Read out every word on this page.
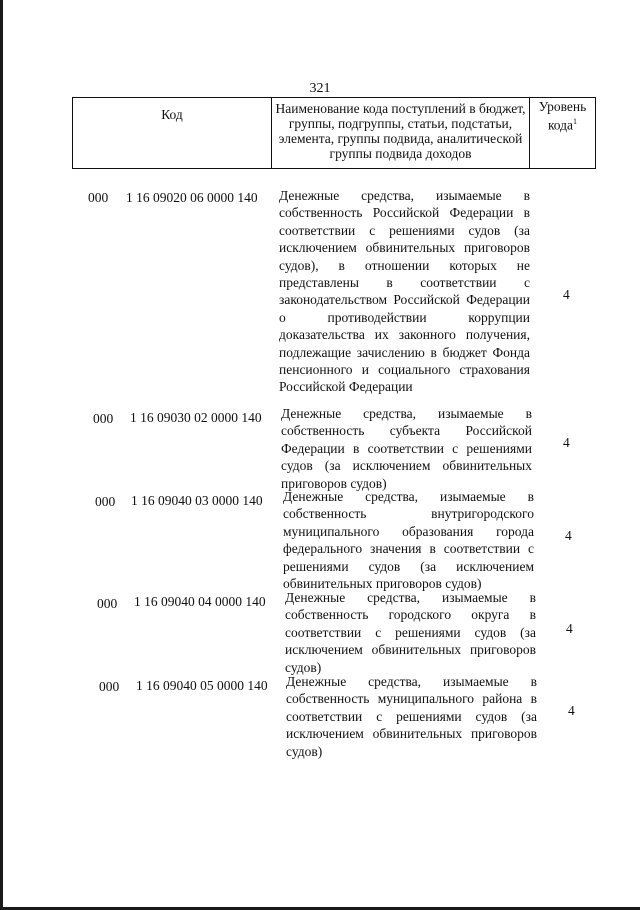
321
Код	Наименование кода поступлений в бюджет, группы, подгруппы, статьи, подстатьи, элемента, группы подвида, аналитической группы подвида доходов
Уровень кода$^1$
000 1 16 09020 06 0000 140 Денежные средства, изымаемые в собственность Российской Федерации в соответствии с решениями судов (за исключением обвинительных приговоров судов), в отношении которых не представлены в соответствии с законодательством Российской Федерации о противодействии коррупции доказательства их законного получения, подлежащие зачислению в бюджет Фонда пенсионного и социального страхования Российской Федерации
4
000 1 16 09030 02 0000 140 Денежные средства, изымаемые в собственность субъекта Российской Федерации в соответствии с решениями судов (за исключением обвинительных приговоров судов)
4
000 1 16 09040 03 0000 140 Денежные средства, изымаемые в собственность внутригородского муниципального образования города федерального значения в соответствии с решениями судов (за исключением обвинительных приговоров судов)
4
000 1 16 09040 04 0000 140 Денежные средства, изымаемые в собственность городского округа в соответствии с решениями судов (за исключением обвинительных приговоров судов)
4
000 1 16 09040 05 0000 140 Денежные средства, изымаемые в собственность муниципального района в соответствии с решениями судов (за исключением обвинительных приговоров судов)
4
